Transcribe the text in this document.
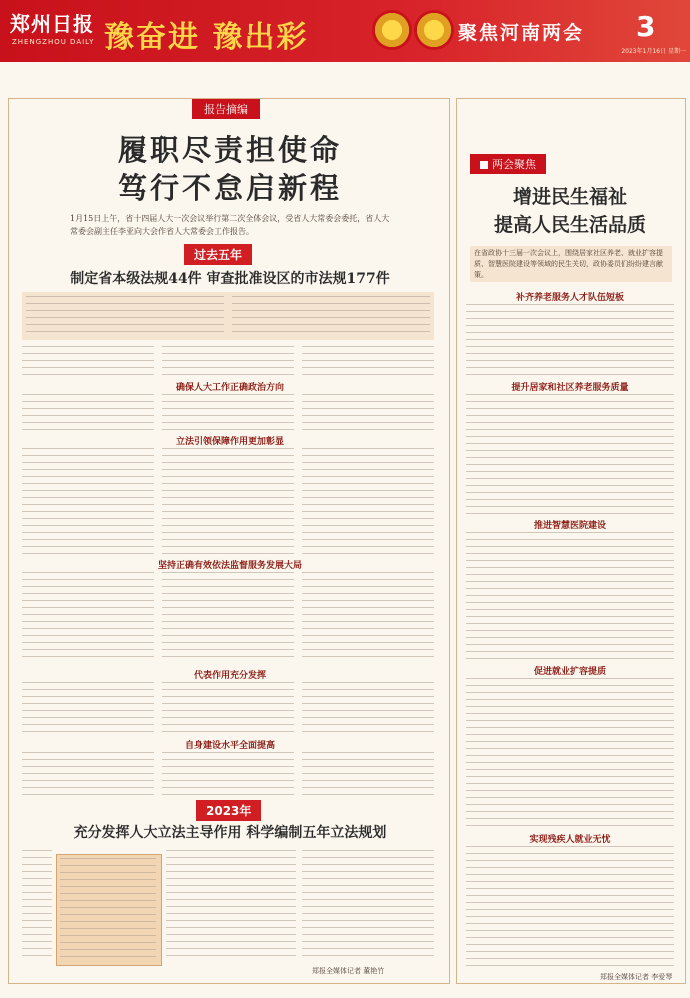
郑州日报
ZHENGZHOU DAILY 豫奋进 豫出彩	聚焦河南两会 3
2023年1月16日 星期一
报告摘编
履职尽责担使命
笃行不怠启新程
1月15日上午，省十四届人大一次会议举行第二次全体会议，受省人大常委会委托，省人大常委会副主任李亚向大会作省人大常委会工作报告。
过去五年
制定省本级法规44件 审查批准设区的市法规177件
确保人大工作正确政治方向
立法引领保障作用更加彰显
坚持正确有效依法监督服务发展大局
代表作用充分发挥
自身建设水平全面提高
2023年
充分发挥人大立法主导作用 科学编制五年立法规划
郑报全媒体记者 董艳竹
两会聚焦
增进民生福祉
提高人民生活品质
在省政协十三届一次会议上，围绕居家社区养老、就业扩容提质、智慧医院建设等领域的民生关切，政协委员们纷纷建言献策。
补齐养老服务人才队伍短板
提升居家和社区养老服务质量
推进智慧医院建设
促进就业扩容提质
实现残疾人就业无忧
郑报全媒体记者 李爱琴
